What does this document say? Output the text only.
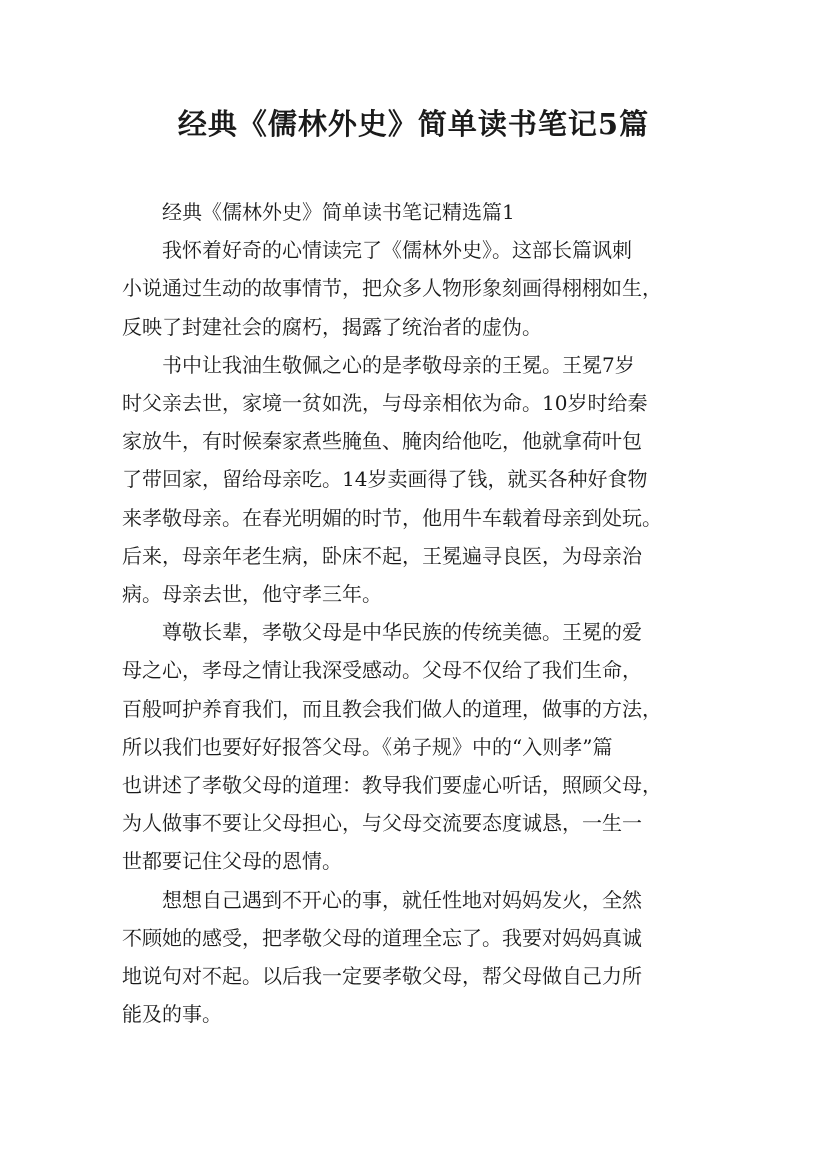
经典《儒林外史》简单读书笔记5篇
经典《儒林外史》简单读书笔记精选篇1
我怀着好奇的心情读完了《儒林外史》。这部长篇讽刺
小说通过生动的故事情节，把众多人物形象刻画得栩栩如生，
反映了封建社会的腐朽，揭露了统治者的虚伪。
书中让我油生敬佩之心的是孝敬母亲的王冕。王冕7岁
时父亲去世，家境一贫如洗，与母亲相依为命。10岁时给秦
家放牛，有时候秦家煮些腌鱼、腌肉给他吃，他就拿荷叶包
了带回家，留给母亲吃。14岁卖画得了钱，就买各种好食物
来孝敬母亲。在春光明媚的时节，他用牛车载着母亲到处玩。
后来，母亲年老生病，卧床不起，王冕遍寻良医，为母亲治
病。母亲去世，他守孝三年。
尊敬长辈，孝敬父母是中华民族的传统美德。王冕的爱
母之心，孝母之情让我深受感动。父母不仅给了我们生命，
百般呵护养育我们，而且教会我们做人的道理，做事的方法，
所以我们也要好好报答父母。《弟子规》中的“入则孝”篇
也讲述了孝敬父母的道理：教导我们要虚心听话，照顾父母，
为人做事不要让父母担心，与父母交流要态度诚恳，一生一
世都要记住父母的恩情。
想想自己遇到不开心的事，就任性地对妈妈发火，全然
不顾她的感受，把孝敬父母的道理全忘了。我要对妈妈真诚
地说句对不起。以后我一定要孝敬父母，帮父母做自己力所
能及的事。
